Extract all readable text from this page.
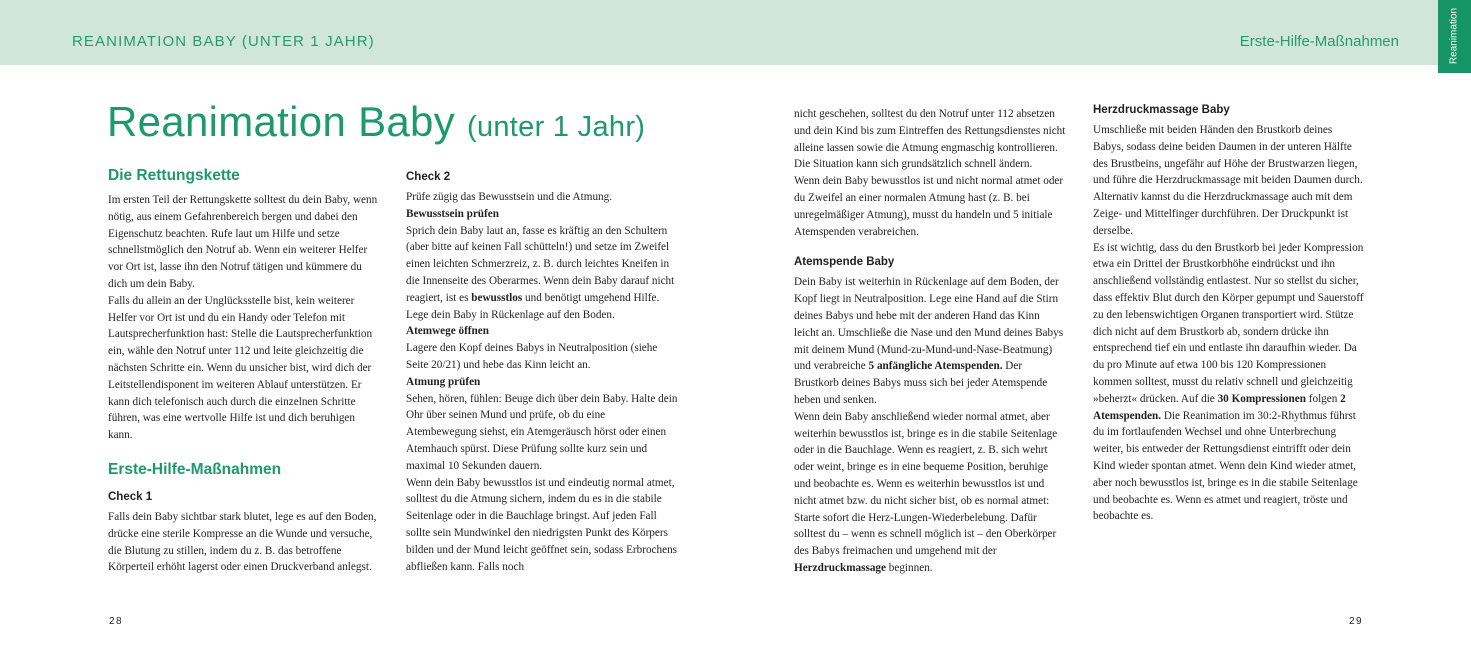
REANIMATION BABY (UNTER 1 JAHR)	Erste-Hilfe-Maßnahmen	Reanimation
Reanimation Baby (unter 1 Jahr)
Die Rettungskette

Im ersten Teil der Rettungskette solltest du dein Baby, wenn nötig, aus einem Gefahrenbereich bergen und dabei den Eigenschutz beachten. Rufe laut um Hilfe und setze schnellstmöglich den Notruf ab. Wenn ein weiterer Helfer vor Ort ist, lasse ihn den Notruf tätigen und kümmere du dich um dein Baby.

Falls du allein an der Unglücksstelle bist, kein weiterer Helfer vor Ort ist und du ein Handy oder Telefon mit Lautsprecherfunktion hast: Stelle die Lautsprecherfunktion ein, wähle den Notruf unter 112 und leite gleichzeitig die nächsten Schritte ein. Wenn du unsicher bist, wird dich der Leitstellendisponent im weiteren Ablauf unterstützen. Er kann dich telefonisch auch durch die einzelnen Schritte führen, was eine wertvolle Hilfe ist und dich beruhigen kann.

Erste-Hilfe-Maßnahmen
Check 1

Falls dein Baby sichtbar stark blutet, lege es auf den Boden, drücke eine sterile Kompresse an die Wunde und versuche, die Blutung zu stillen, indem du z. B. das betroffene Körperteil erhöht lagerst oder einen Druckverband anlegst.

Check 2

Prüfe zügig das Bewusstsein und die Atmung.

Bewusstsein prüfen

Sprich dein Baby laut an, fasse es kräftig an den Schultern (aber bitte auf keinen Fall schütteln!) und setze im Zweifel einen leichten Schmerzreiz, z. B. durch leichtes Kneifen in die Innenseite des Oberarmes. Wenn dein Baby darauf nicht reagiert, ist es bewusstlos und benötigt umgehend Hilfe. Lege dein Baby in Rückenlage auf den Boden.

Atemwege öffnen

Lagere den Kopf deines Babys in Neutralposition (siehe Seite 20/21) und hebe das Kinn leicht an.

Atmung prüfen

Sehen, hören, fühlen: Beuge dich über dein Baby. Halte dein Ohr über seinen Mund und prüfe, ob du eine Atembewegung siehst, ein Atemgeräusch hörst oder einen Atemhauch spürst. Diese Prüfung sollte kurz sein und maximal 10 Sekunden dauern.

Wenn dein Baby bewusstlos ist und eindeutig normal atmet, solltest du die Atmung sichern, indem du es in die stabile Seitenlage oder in die Bauchlage bringst. Auf jeden Fall sollte sein Mundwinkel den niedrigsten Punkt des Körpers bilden und der Mund leicht geöffnet sein, sodass Erbrochens abfließen kann. Falls noch

nicht geschehen, solltest du den Notruf unter 112 absetzen und dein Kind bis zum Eintreffen des Rettungsdienstes nicht alleine lassen sowie die Atmung engmaschig kontrollieren. Die Situation kann sich grundsätzlich schnell ändern.

Wenn dein Baby bewusstlos ist und nicht normal atmet oder du Zweifel an einer normalen Atmung hast (z. B. bei unregelmäßiger Atmung), musst du handeln und 5 initiale Atemspenden verabreichen.

Atemspende Baby

Dein Baby ist weiterhin in Rückenlage auf dem Boden, der Kopf liegt in Neutralposition. Lege eine Hand auf die Stirn deines Babys und hebe mit der anderen Hand das Kinn leicht an. Umschließe die Nase und den Mund deines Babys mit deinem Mund (Mund-zu-Mund-und-Nase-Beatmung) und verabreiche 5 anfängliche Atemspenden. Der Brustkorb deines Babys muss sich bei jeder Atemspende heben und senken.

Wenn dein Baby anschließend wieder normal atmet, aber weiterhin bewusstlos ist, bringe es in die stabile Seitenlage oder in die Bauchlage. Wenn es reagiert, z. B. sich wehrt oder weint, bringe es in eine bequeme Position, beruhige und beobachte es. Wenn es weiterhin bewusstlos ist und nicht atmet bzw. du nicht sicher bist, ob es normal atmet: Starte sofort die Herz-Lungen-Wiederbelebung. Dafür solltest du – wenn es schnell möglich ist – den Oberkörper des Babys freimachen und umgehend mit der Herzdruckmassage beginnen.

Herzdruckmassage Baby

Umschließe mit beiden Händen den Brustkorb deines Babys, sodass deine beiden Daumen in der unteren Hälfte des Brustbeins, ungefähr auf Höhe der Brustwarzen liegen, und führe die Herzdruckmassage mit beiden Daumen durch. Alternativ kannst du die Herzdruckmassage auch mit dem Zeige- und Mittelfinger durchführen. Der Druckpunkt ist derselbe.

Es ist wichtig, dass du den Brustkorb bei jeder Kompression etwa ein Drittel der Brustkorbhöhe eindrückst und ihn anschließend vollständig entlastest. Nur so stellst du sicher, dass effektiv Blut durch den Körper gepumpt und Sauerstoff zu den lebenswichtigen Organen transportiert wird. Stütze dich nicht auf dem Brustkorb ab, sondern drücke ihn entsprechend tief ein und entlaste ihn daraufhin wieder. Da du pro Minute auf etwa 100 bis 120 Kompressionen kommen solltest, musst du relativ schnell und gleichzeitig »beherzt« drücken. Auf die 30 Kompressionen folgen 2 Atemspenden. Die Reanimation im 30:2-Rhythmus führst du im fortlaufenden Wechsel und ohne Unterbrechung weiter, bis entweder der Rettungsdienst eintrifft oder dein Kind wieder spontan atmet. Wenn dein Kind wieder atmet, aber noch bewusstlos ist, bringe es in die stabile Seitenlage und beobachte es. Wenn es atmet und reagiert, tröste und beobachte es.

28	29
